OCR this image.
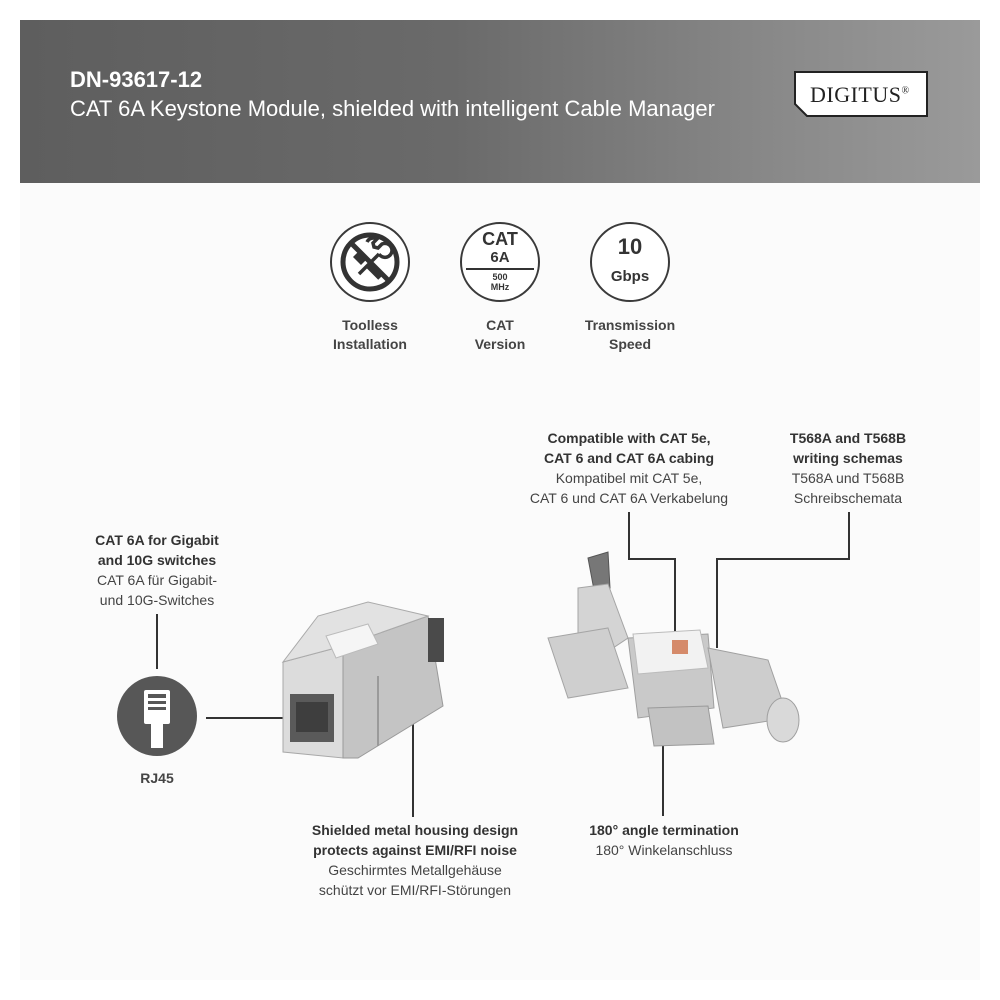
DN-93617-12
CAT 6A Keystone Module, shielded with intelligent Cable Manager
DIGITUS®
Toolless
Installation
CAT
6A
500
MHz
CAT
Version
10
Gbps
Transmission
Speed
Compatible with CAT 5e,
CAT 6 and CAT 6A cabing
Kompatibel mit CAT 5e,
CAT 6 und CAT 6A Verkabelung
T568A and T568B
writing schemas
T568A und T568B
Schreibschemata
CAT 6A for Gigabit
and 10G switches
CAT 6A für Gigabit-
und 10G-Switches
Shielded metal housing design
protects against EMI/RFI noise
Geschirmtes Metallgehäuse
schützt vor EMI/RFI-Störungen
180° angle termination
180° Winkelanschluss
RJ45
